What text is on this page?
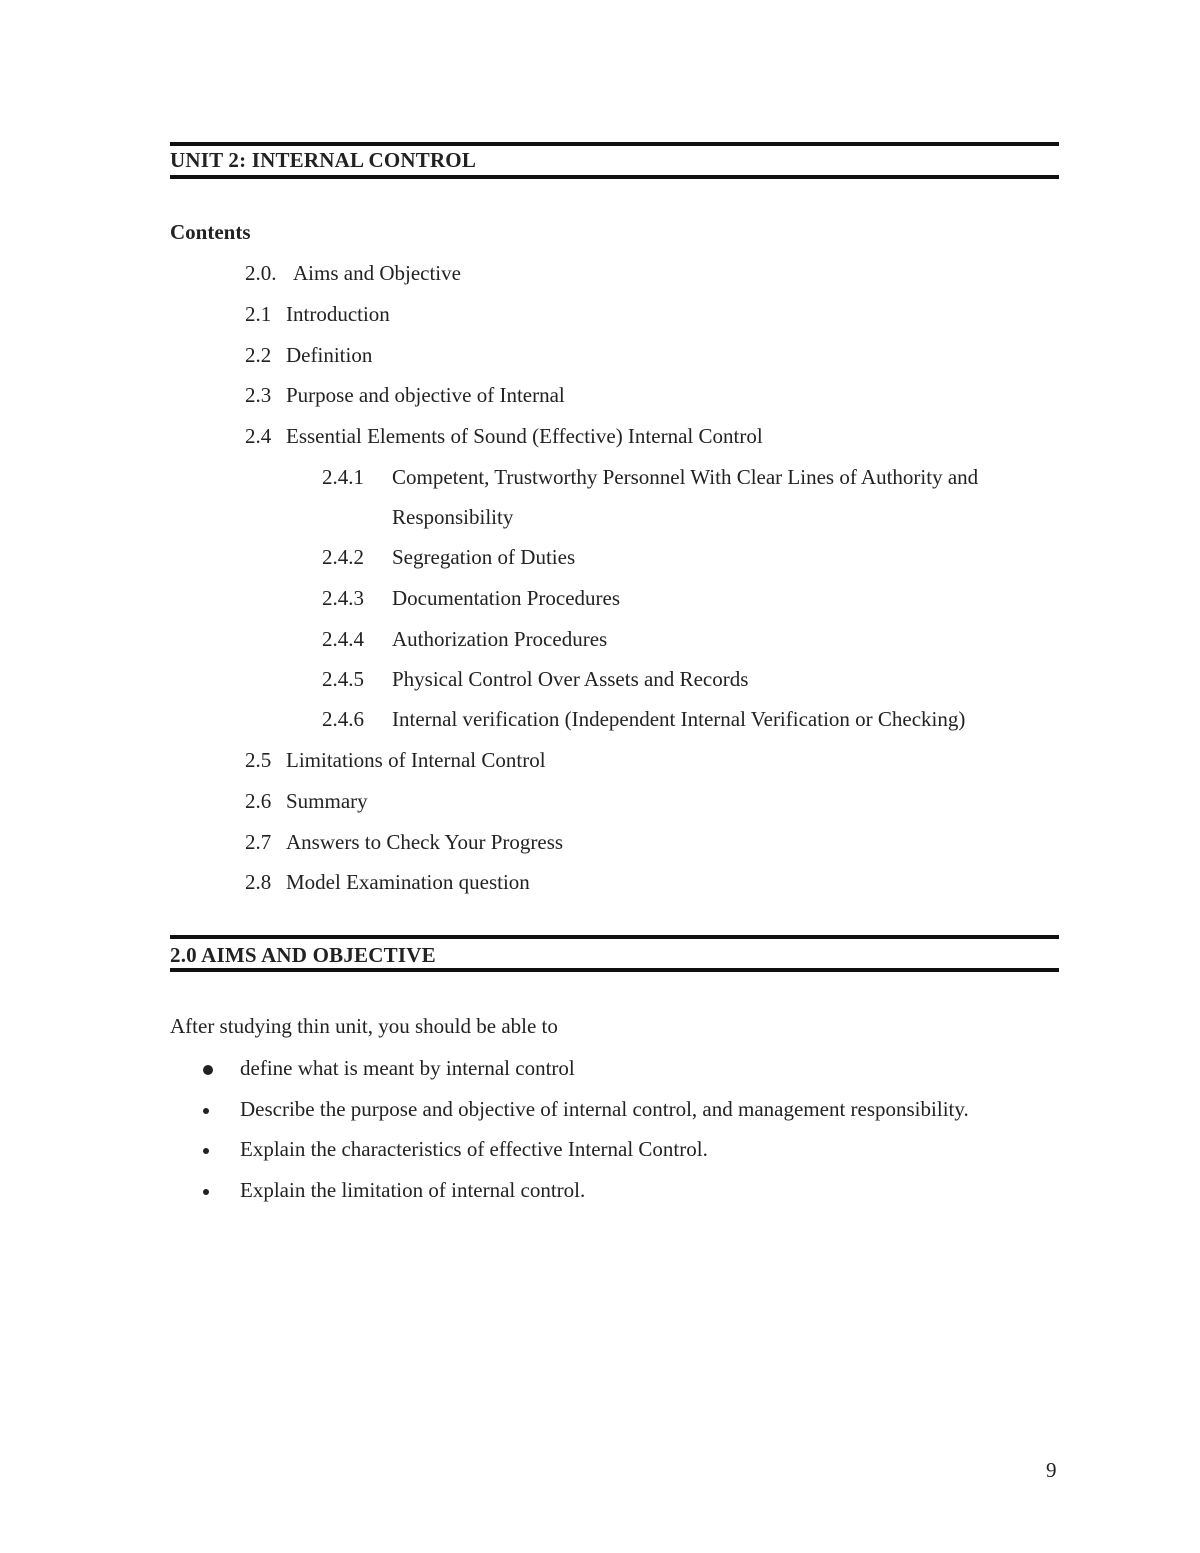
UNIT 2: INTERNAL CONTROL
Contents
2.0. Aims and Objective
2.1 Introduction
2.2 Definition
2.3 Purpose and objective of Internal
2.4 Essential Elements of Sound (Effective) Internal Control
2.4.1 Competent, Trustworthy Personnel With Clear Lines of Authority and
Responsibility
2.4.2 Segregation of Duties
2.4.3 Documentation Procedures
2.4.4 Authorization Procedures
2.4.5 Physical Control Over Assets and Records
2.4.6 Internal verification (Independent Internal Verification or Checking)
2.5 Limitations of Internal Control
2.6 Summary
2.7 Answers to Check Your Progress
2.8 Model Examination question
2.0 AIMS AND OBJECTIVE
After studying thin unit, you should be able to
define what is meant by internal control
Describe the purpose and objective of internal control, and management responsibility.
Explain the characteristics of effective Internal Control.
Explain the limitation of internal control.
9
